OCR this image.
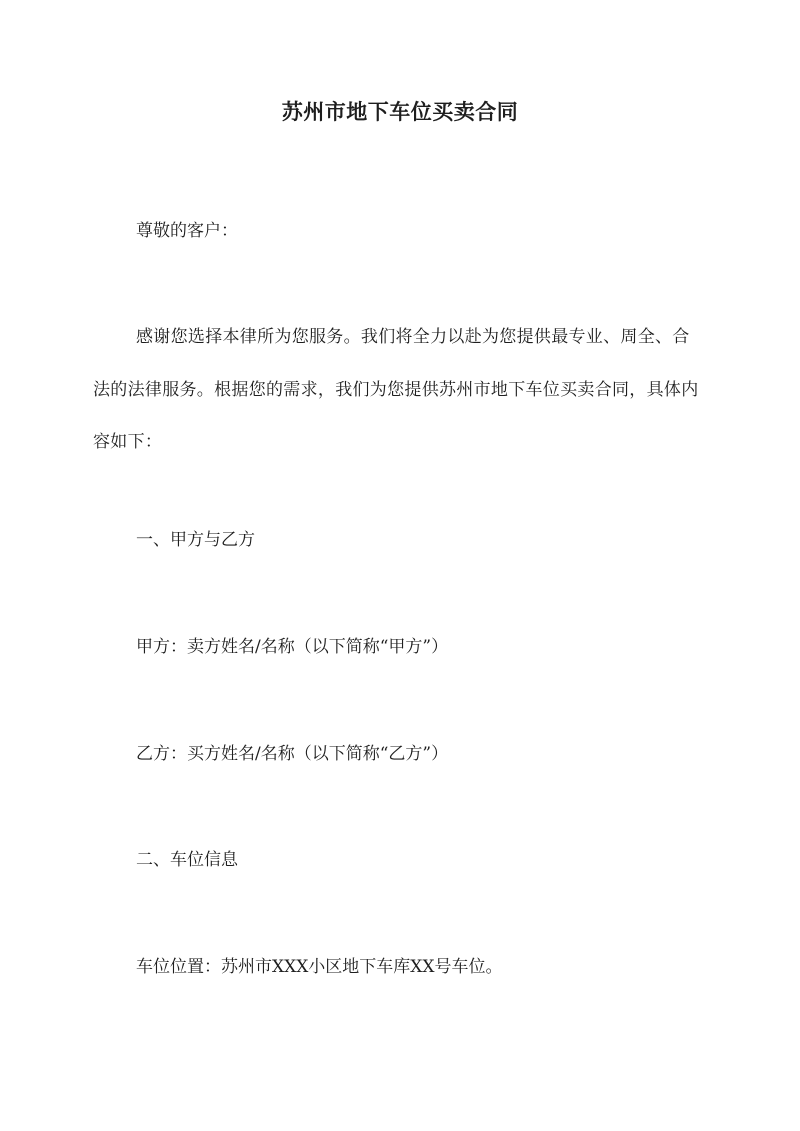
苏州市地下车位买卖合同
尊敬的客户：
感谢您选择本律所为您服务。我们将全力以赴为您提供最专业、周全、合法的法律服务。根据您的需求，我们为您提供苏州市地下车位买卖合同，具体内容如下：
一、甲方与乙方
甲方：卖方姓名/名称（以下简称“甲方”）
乙方：买方姓名/名称（以下简称“乙方”）
二、车位信息
车位位置：苏州市XXX小区地下车库XX号车位。
